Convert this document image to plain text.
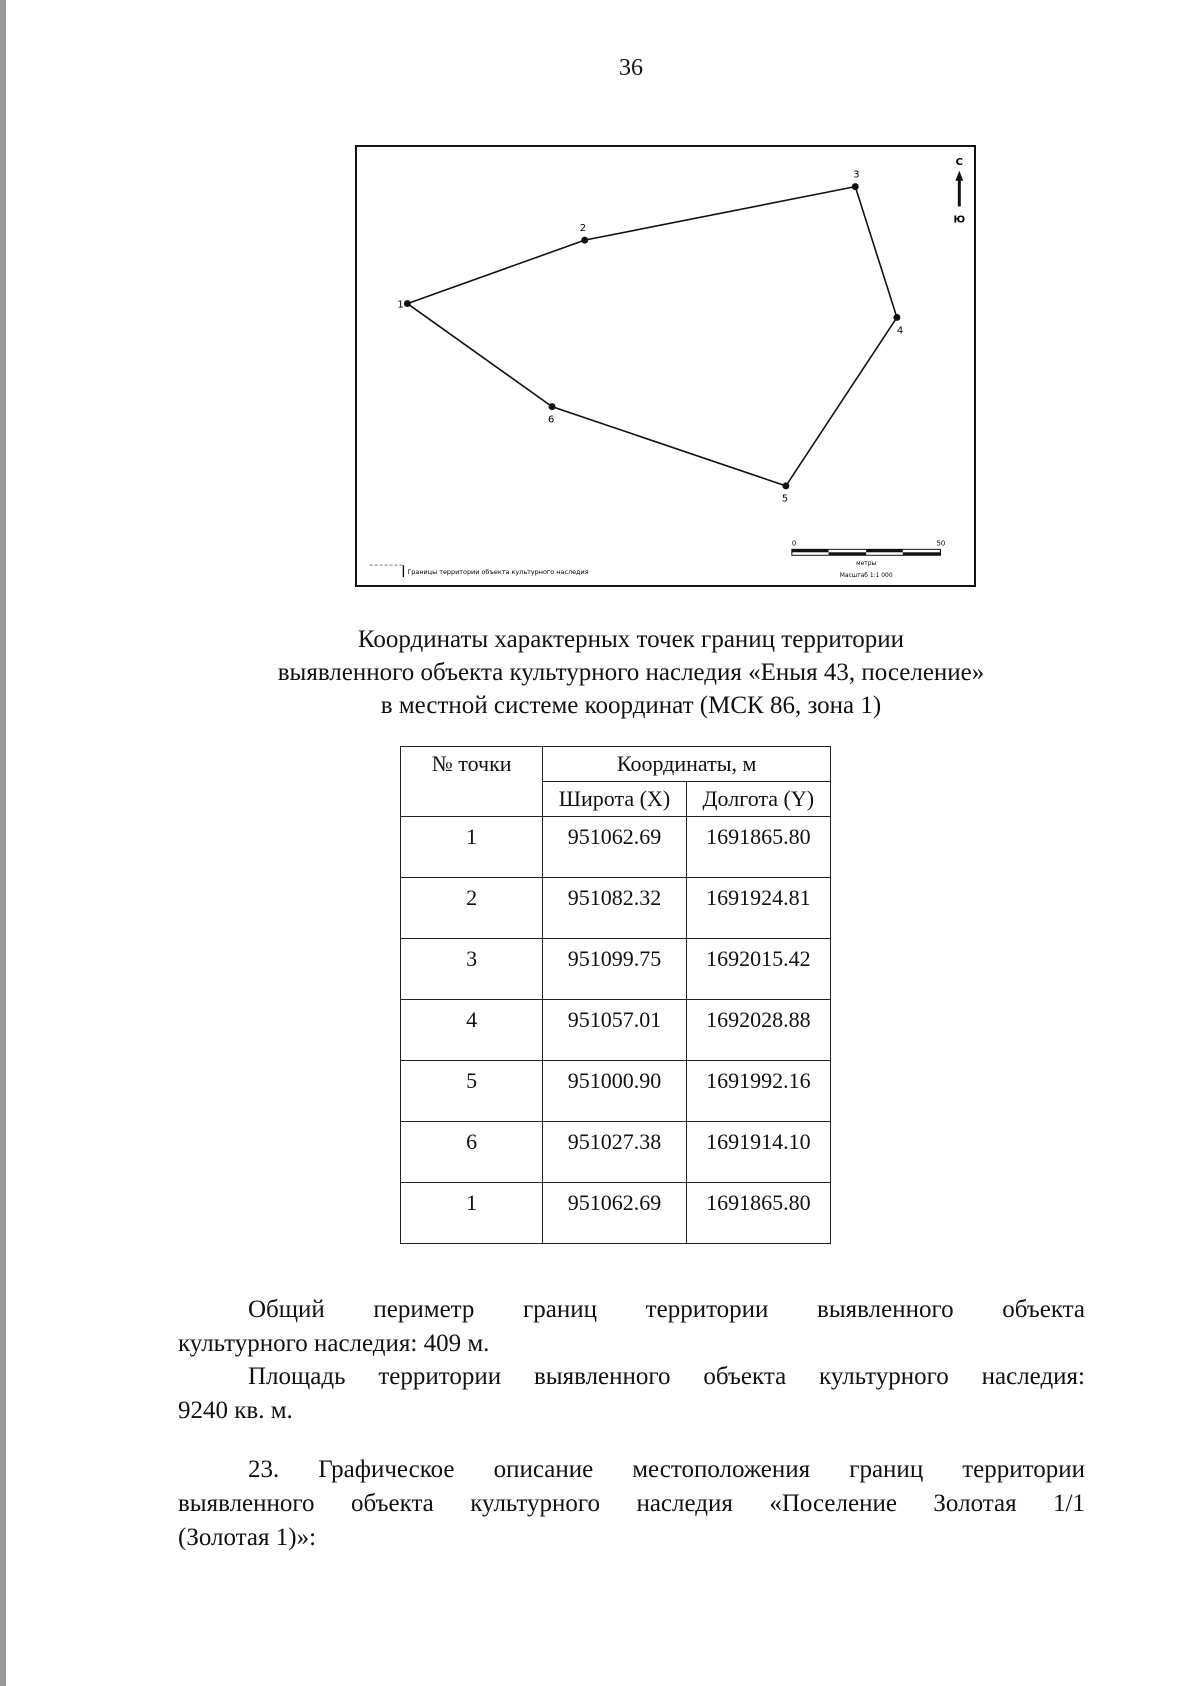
36
1
2
3
4
5
6
С
Ю
0	50
метры
Масштаб 1:1 000
Границы территории объекта культурного наследия
Координаты характерных точек границ территории
выявленного объекта культурного наследия «Еныя 43, поселение»
в местной системе координат (МСК 86, зона 1)
№ точки	Координаты, м	
	Широта (X)	Долгота (Y)
1	951062.69	1691865.80
2	951082.32	1691924.81
3	951099.75	1692015.42
4	951057.01	1692028.88
5	951000.90	1691992.16
6	951027.38	1691914.10
1	951062.69	1691865.80
Общий периметр границ территории выявленного объекта
культурного наследия: 409 м.
Площадь территории выявленного объекта культурного наследия:
9240 кв. м.
23. Графическое описание местоположения границ территории
выявленного объекта культурного наследия «Поселение Золотая 1/1
(Золотая 1)»:
